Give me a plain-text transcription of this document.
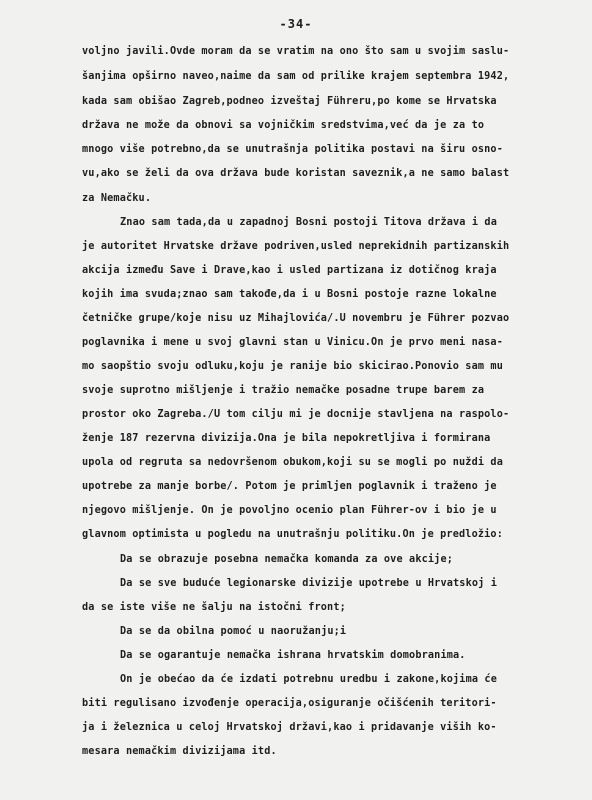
-34-
voljno javili.Ovde moram da se vratim na ono što sam u svojim saslu-
šanjima opširno naveo,naime da sam od prilike krajem septembra 1942,
kada sam obišao Zagreb,podneo izveštaj Führeru,po kome se Hrvatska
država ne može da obnovi sa vojničkim sredstvima,već da je za to
mnogo više potrebno,da se unutrašnja politika postavi na širu osno-
vu,ako se želi da ova država bude koristan saveznik,a ne samo balast
za Nemačku.
Znao sam tada,da u zapadnoj Bosni postoji Titova država i da
je autoritet Hrvatske države podriven,usled neprekidnih partizanskih
akcija između Save i Drave,kao i usled partizana iz dotičnog kraja
kojih ima svuda;znao sam takođe,da i u Bosni postoje razne lokalne
četničke grupe/koje nisu uz Mihajlovića/.U novembru je Führer pozvao
poglavnika i mene u svoj glavni stan u Vinicu.On je prvo meni nasa-
mo saopštio svoju odluku,koju je ranije bio skicirao.Ponovio sam mu
svoje suprotno mišljenje i tražio nemačke posadne trupe barem za
prostor oko Zagreba./U tom cilju mi je docnije stavljena na raspolo-
ženje 187 rezervna divizija.Ona je bila nepokretljiva i formirana
upola od regruta sa nedovršenom obukom,koji su se mogli po nuždi da
upotrebe za manje borbe/. Potom je primljen poglavnik i traženo je
njegovo mišljenje. On je povoljno ocenio plan Führer-ov i bio je u
glavnom optimista u pogledu na unutrašnju politiku.On je predložio:
Da se obrazuje posebna nemačka komanda za ove akcije;
Da se sve buduće legionarske divizije upotrebe u Hrvatskoj i
da se iste više ne šalju na istočni front;
Da se da obilna pomoć u naoružanju;i
Da se ogarantuje nemačka ishrana hrvatskim domobranima.
On je obećao da će izdati potrebnu uredbu i zakone,kojima će
biti regulisano izvođenje operacija,osiguranje očišćenih teritori-
ja i železnica u celoj Hrvatskoj državi,kao i pridavanje viših ko-
mesara nemačkim divizijama itd.
